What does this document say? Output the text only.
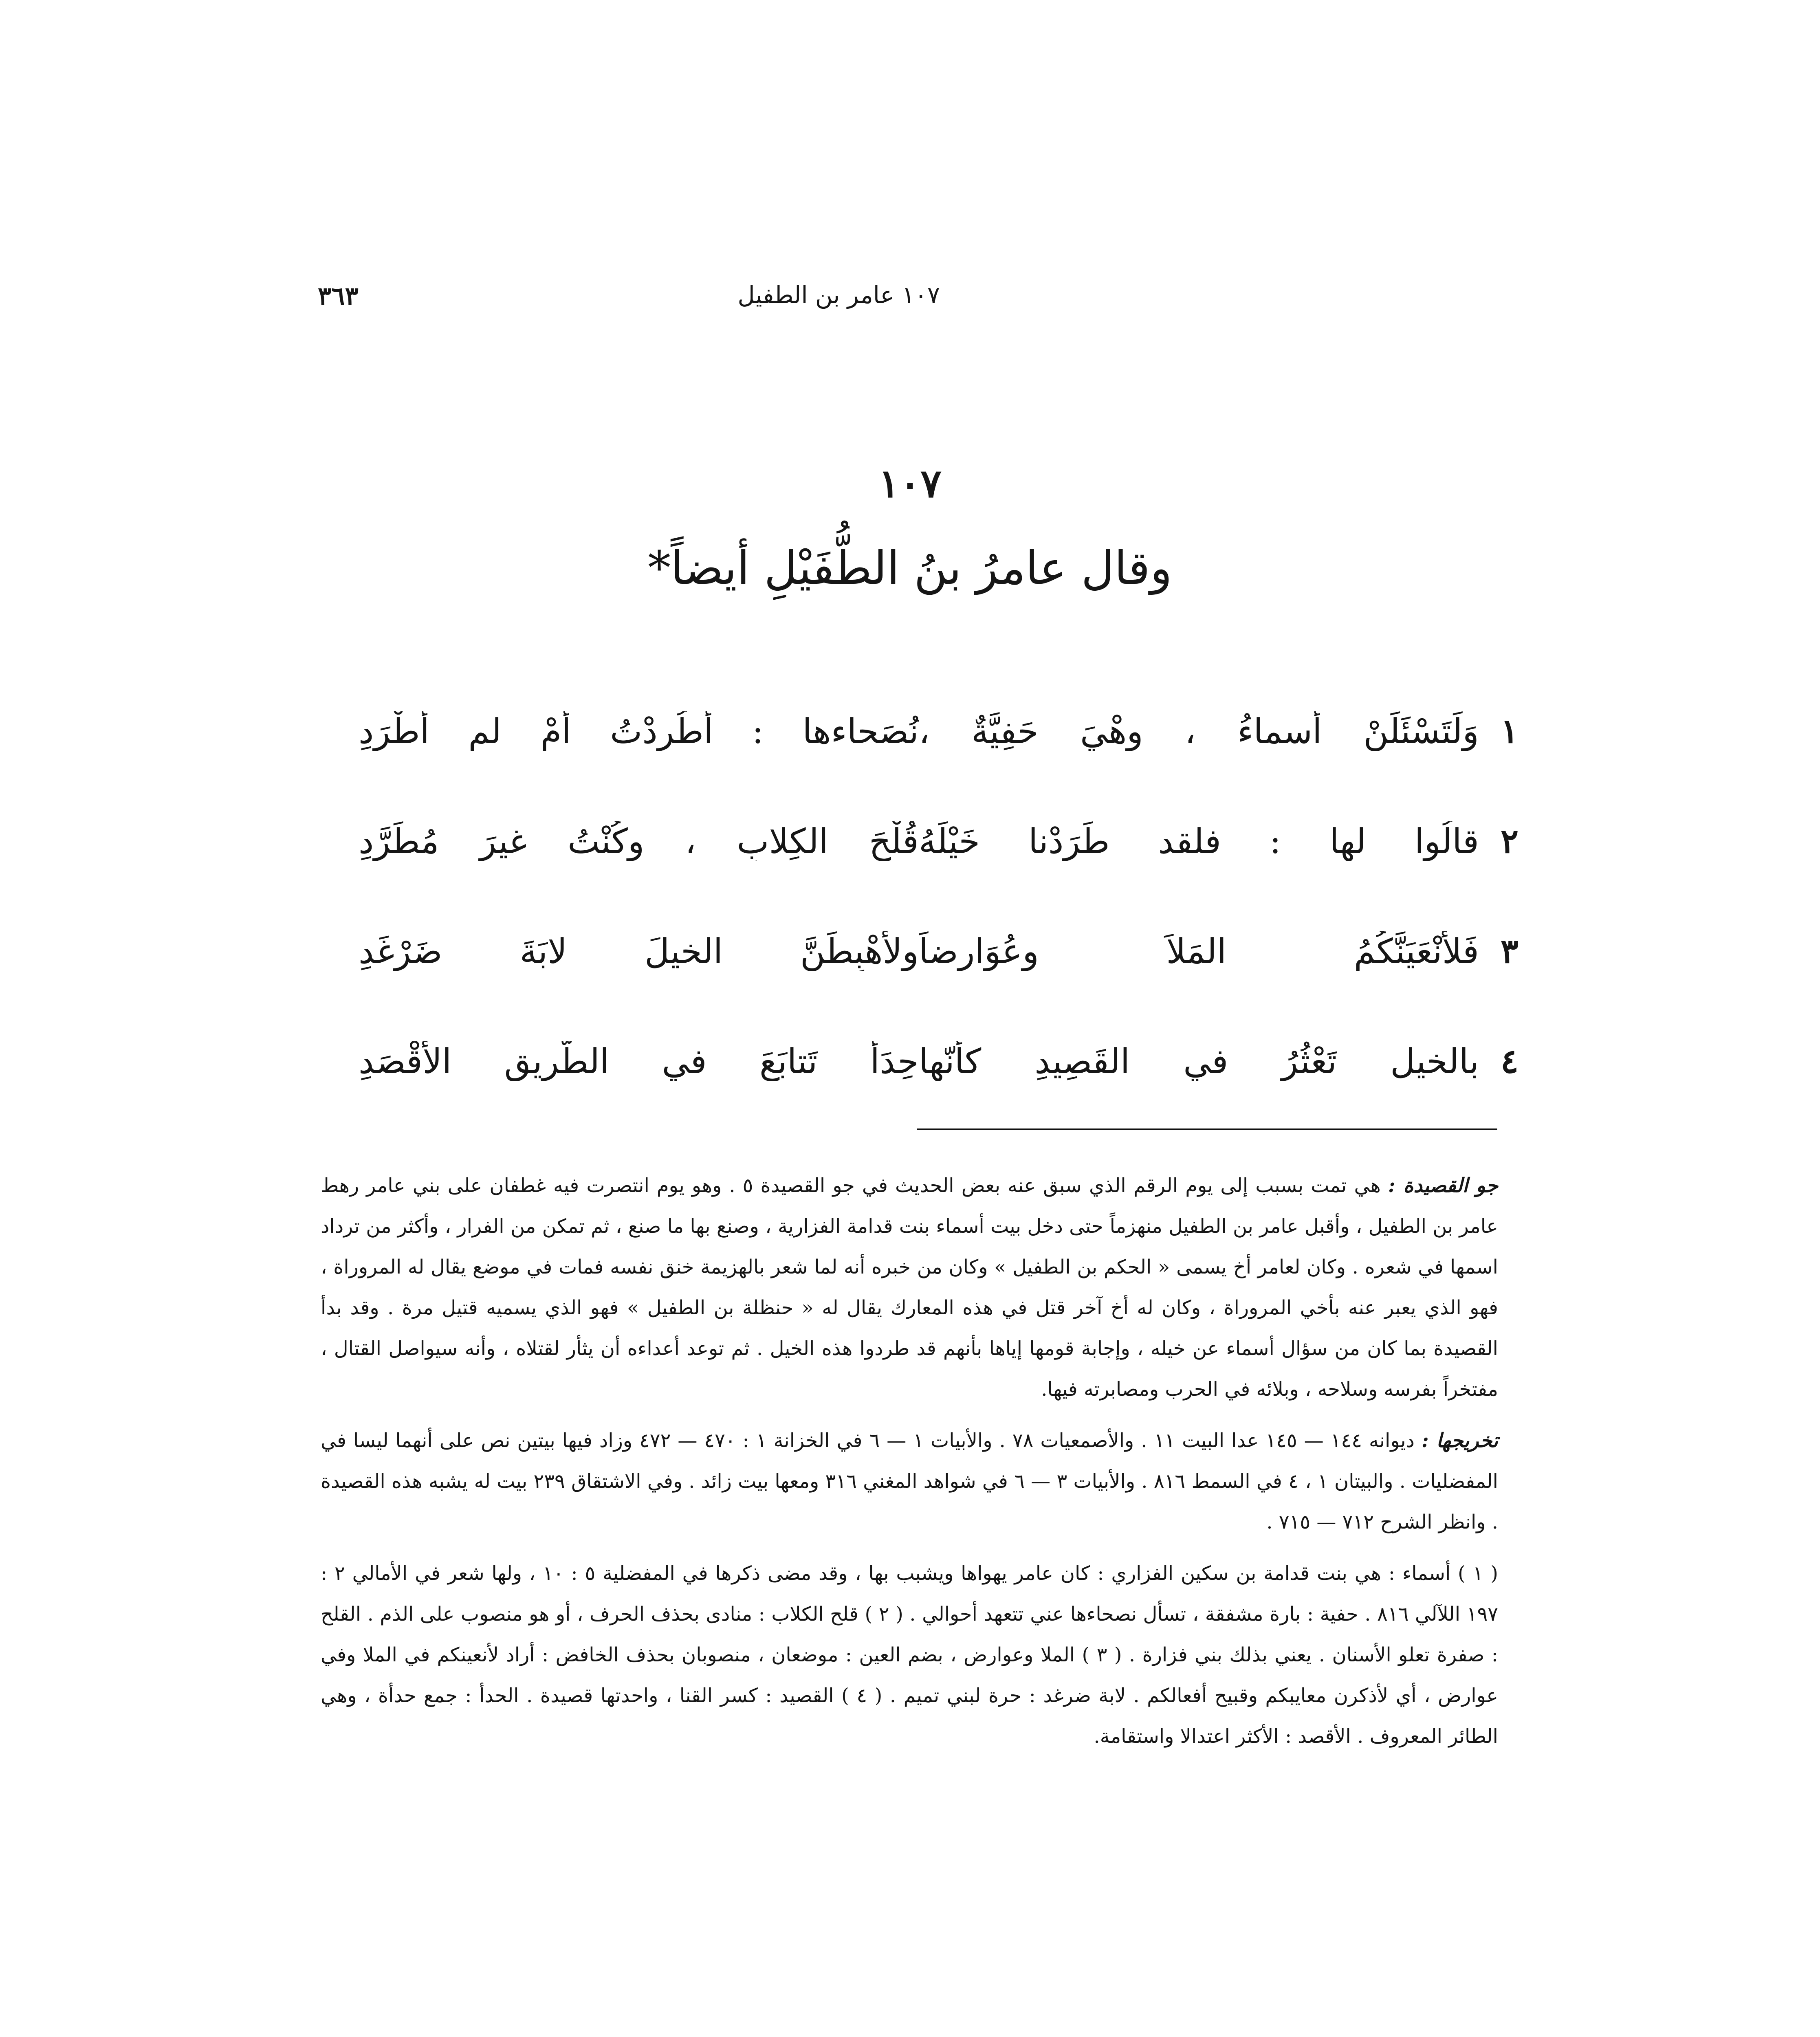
١٠٧ عامر بن الطفيل
٣٦٣
١٠٧
وقال عامرُ بنُ الطُّفَيْلِ أيضاً*
١
وَلَتَسْئَلَنْ أَسماءُ ، وهْيَ حَفِيَّةٌ ،
نُصَحاءها : أَطُرِدْتُ أَمْ لم أُطْرَدِ
٢
قالُوا لها : فلقد طَرَدْنا خَيْلَهُ
قُلْحَ الكِلابِ ، وكُنْتُ غيرَ مُطَرَّدِ
٣
فَلأَنْعَيَنَّكُمُ المَلاَ وعُوَارِضاً
ولأُهْبِطَنَّ الخيلَ لابَةَ ضَرْغَدِ
٤
بالخيلِ تَعْثُرُ في القَصِيدِ كأنّها
حِدَأٌ تَتابَعَ في الطَّرِيقِ الأَقْصَدِ

جو القصيدة : هي تمت بسبب إلى يوم الرقم الذي سبق عنه بعض الحديث في جو القصيدة ٥ . وهو يوم انتصرت فيه غطفان على بني عامر رهط عامر بن الطفيل ، وأقبل عامر بن الطفيل منهزماً حتى دخل بيت أسماء بنت قدامة الفزارية ، وصنع بها ما صنع ، ثم تمكن من الفرار ، وأكثر من ترداد اسمها في شعره . وكان لعامر أخ يسمى « الحكم بن الطفيل » وكان من خبره أنه لما شعر بالهزيمة خنق نفسه فمات في موضع يقال له المروراة ، فهو الذي يعبر عنه بأخي المروراة ، وكان له أخ آخر قتل في هذه المعارك يقال له « حنظلة بن الطفيل » فهو الذي يسميه قتيل مرة . وقد بدأ القصيدة بما كان من سؤال أسماء عن خيله ، وإجابة قومها إياها بأنهم قد طردوا هذه الخيل . ثم توعد أعداءه أن يثأر لقتلاه ، وأنه سيواصل القتال ، مفتخراً بفرسه وسلاحه ، وبلائه في الحرب ومصابرته فيها.

تخريجها : ديوانه ١٤٤ — ١٤٥ عدا البيت ١١ . والأصمعيات ٧٨ . والأبيات ١ — ٦ في الخزانة ١ : ٤٧٠ — ٤٧٢ وزاد فيها بيتين نص على أنهما ليسا في المفضليات . والبيتان ١ ، ٤ في السمط ٨١٦ . والأبيات ٣ — ٦ في شواهد المغني ٣١٦ ومعها بيت زائد . وفي الاشتقاق ٢٣٩ بيت له يشبه هذه القصيدة . وانظر الشرح ٧١٢ — ٧١٥ .

( ١ ) أسماء : هي بنت قدامة بن سكين الفزاري : كان عامر يهواها ويشبب بها ، وقد مضى ذكرها في المفضلية ٥ : ١٠ ، ولها شعر في الأمالي ٢ : ١٩٧ اللآلي ٨١٦ . حفية : بارة مشفقة ، تسأل نصحاءها عني تتعهد أحوالي . ( ٢ ) قلح الكلاب : منادى بحذف الحرف ، أو هو منصوب على الذم . القلح : صفرة تعلو الأسنان . يعني بذلك بني فزارة . ( ٣ ) الملا وعوارض ، بضم العين : موضعان ، منصوبان بحذف الخافض : أراد لأنعينكم في الملا وفي عوارض ، أي لأذكرن معايبكم وقبيح أفعالكم . لابة ضرغد : حرة لبني تميم . ( ٤ ) القصيد : كسر القنا ، واحدتها قصيدة . الحدأ : جمع حدأة ، وهي الطائر المعروف . الأقصد : الأكثر اعتدالا واستقامة.
